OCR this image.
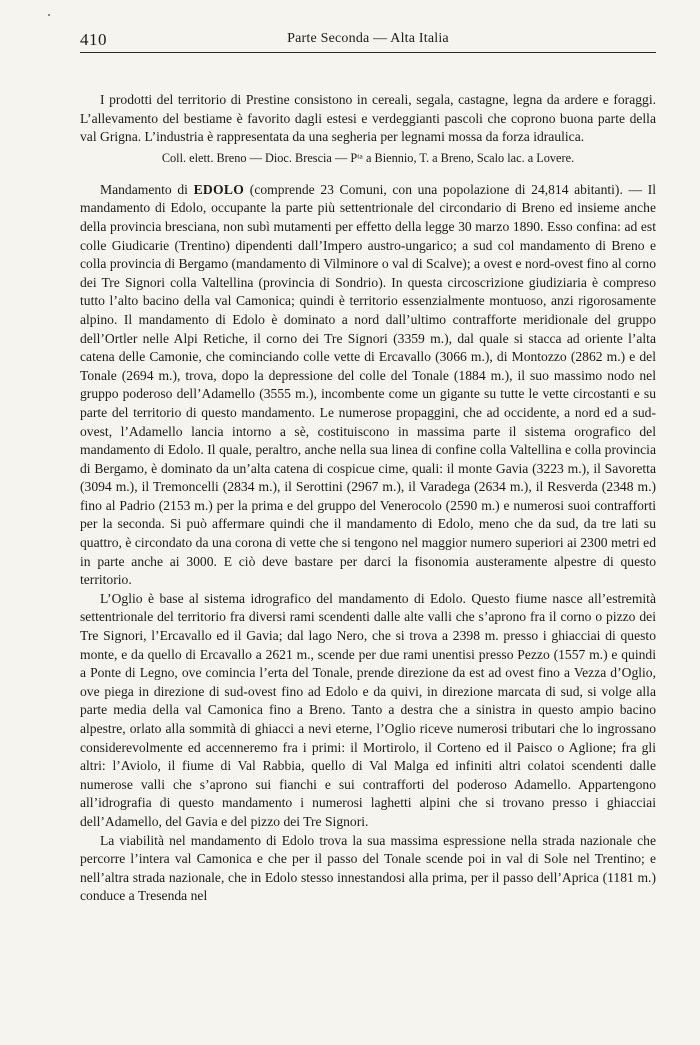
410	Parte Seconda — Alta Italia

I prodotti del territorio di Prestine consistono in cereali, segala, castagne, legna da ardere e foraggi. L’allevamento del bestiame è favorito dagli estesi e verdeggianti pascoli che coprono buona parte della val Grigna. L’industria è rappresentata da una segheria per legnami mossa da forza idraulica.

Coll. elett. Breno — Dioc. Brescia — Pᵗᵃ a Biennio, T. a Breno, Scalo lac. a Lovere.

Mandamento di EDOLO (comprende 23 Comuni, con una popolazione di 24,814 abitanti). — Il mandamento di Edolo, occupante la parte più settentrionale del circondario di Breno ed insieme anche della provincia bresciana, non subì mutamenti per effetto della legge 30 marzo 1890. Esso confina: ad est colle Giudicarie (Trentino) dipendenti dall’Impero austro-ungarico; a sud col mandamento di Breno e colla provincia di Bergamo (mandamento di Vilminore o val di Scalve); a ovest e nord-ovest fino al corno dei Tre Signori colla Valtellina (provincia di Sondrio). In questa circoscrizione giudiziaria è compreso tutto l’alto bacino della val Camonica; quindi è territorio essenzialmente montuoso, anzi rigorosamente alpino. Il mandamento di Edolo è dominato a nord dall’ultimo contrafforte meridionale del gruppo dell’Ortler nelle Alpi Retiche, il corno dei Tre Signori (3359 m.), dal quale si stacca ad oriente l’alta catena delle Camonie, che cominciando colle vette di Ercavallo (3066 m.), di Montozzo (2862 m.) e del Tonale (2694 m.), trova, dopo la depressione del colle del Tonale (1884 m.), il suo massimo nodo nel gruppo poderoso dell’Adamello (3555 m.), incombente come un gigante su tutte le vette circostanti e su parte del territorio di questo mandamento. Le numerose propaggini, che ad occidente, a nord ed a sud-ovest, l’Adamello lancia intorno a sè, costituiscono in massima parte il sistema orografico del mandamento di Edolo. Il quale, peraltro, anche nella sua linea di confine colla Valtellina e colla provincia di Bergamo, è dominato da un’alta catena di cospicue cime, quali: il monte Gavia (3223 m.), il Savoretta (3094 m.), il Tremoncelli (2834 m.), il Serottini (2967 m.), il Varadega (2634 m.), il Resverda (2348 m.) fino al Padrio (2153 m.) per la prima e del gruppo del Venerocolo (2590 m.) e numerosi suoi contrafforti per la seconda. Si può affermare quindi che il mandamento di Edolo, meno che da sud, da tre lati su quattro, è circondato da una corona di vette che si tengono nel maggior numero superiori ai 2300 metri ed in parte anche ai 3000. E ciò deve bastare per darci la fisonomia austeramente alpestre di questo territorio.

L’Oglio è base al sistema idrografico del mandamento di Edolo. Questo fiume nasce all’estremità settentrionale del territorio fra diversi rami scendenti dalle alte valli che s’aprono fra il corno o pizzo dei Tre Signori, l’Ercavallo ed il Gavia; dal lago Nero, che si trova a 2398 m. presso i ghiacciai di questo monte, e da quello di Ercavallo a 2621 m., scende per due rami unentisi presso Pezzo (1557 m.) e quindi a Ponte di Legno, ove comincia l’erta del Tonale, prende direzione da est ad ovest fino a Vezza d’Oglio, ove piega in direzione di sud-ovest fino ad Edolo e da quivi, in direzione marcata di sud, si volge alla parte media della val Camonica fino a Breno. Tanto a destra che a sinistra in questo ampio bacino alpestre, orlato alla sommità di ghiacci a nevi eterne, l’Oglio riceve numerosi tributari che lo ingrossano considerevolmente ed accenneremo fra i primi: il Mortirolo, il Corteno ed il Paisco o Aglione; fra gli altri: l’Aviolo, il fiume di Val Rabbia, quello di Val Malga ed infiniti altri colatoi scendenti dalle numerose valli che s’aprono sui fianchi e sui contrafforti del poderoso Adamello. Appartengono all’idrografia di questo mandamento i numerosi laghetti alpini che si trovano presso i ghiacciai dell’Adamello, del Gavia e del pizzo dei Tre Signori.

La viabilità nel mandamento di Edolo trova la sua massima espressione nella strada nazionale che percorre l’intera val Camonica e che per il passo del Tonale scende poi in val di Sole nel Trentino; e nell’altra strada nazionale, che in Edolo stesso innestandosi alla prima, per il passo dell’Aprica (1181 m.) conduce a Tresenda nel
